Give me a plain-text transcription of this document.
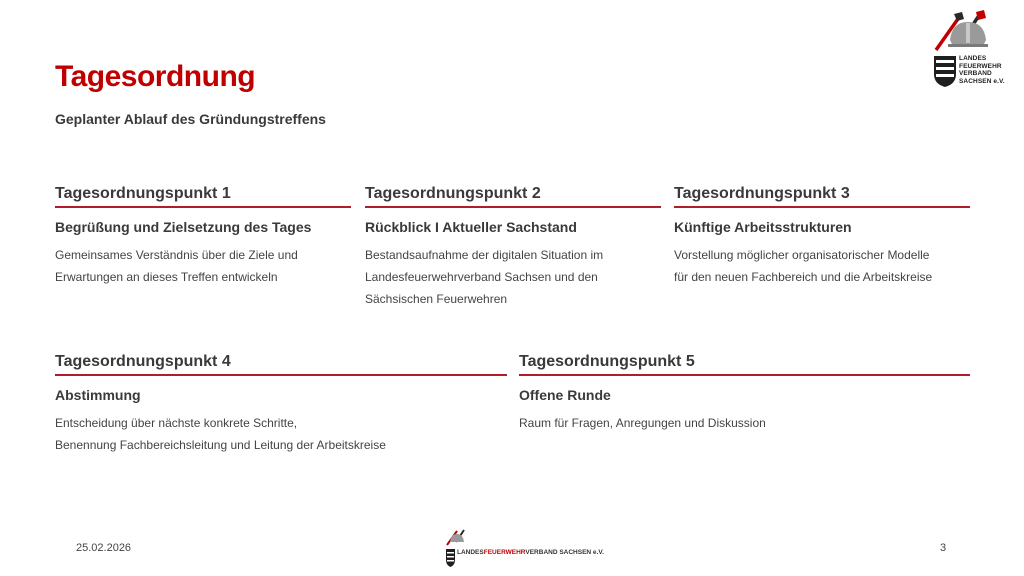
Tagesordnung
Geplanter Ablauf des Gründungstreffens
LANDES
FEUERWEHR
VERBAND
SACHSEN e.V.
Tagesordnungspunkt 1
Begrüßung und Zielsetzung des Tages
Gemeinsames Verständnis über die Ziele und
Erwartungen an dieses Treffen entwickeln
Tagesordnungspunkt 2
Rückblick I Aktueller Sachstand
Bestandsaufnahme der digitalen Situation im
Landesfeuerwehrverband Sachsen und den
Sächsischen Feuerwehren
Tagesordnungspunkt 3
Künftige Arbeitsstrukturen
Vorstellung möglicher organisatorischer Modelle
für den neuen Fachbereich und die Arbeitskreise
Tagesordnungspunkt 4
Abstimmung
Entscheidung über nächste konkrete Schritte,
Benennung Fachbereichsleitung und Leitung der Arbeitskreise
Tagesordnungspunkt 5
Offene Runde
Raum für Fragen, Anregungen und Diskussion
25.02.2026	LANDESFEUERWEHRVERBAND SACHSEN e.V.	3
